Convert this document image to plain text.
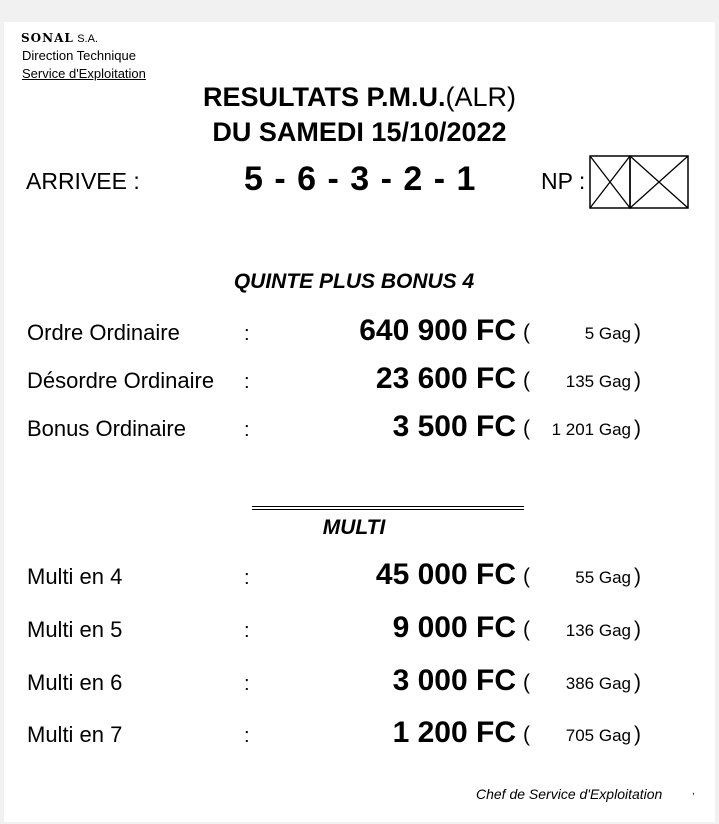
SONAL S.A.
Direction Technique
Service d'Exploitation
RESULTATS P.M.U.(ALR)
DU SAMEDI 15/10/2022
ARRIVEE :	5 - 6 - 3 - 2 - 1	NP :
QUINTE PLUS BONUS 4
Ordre Ordinaire	:	640 900 FC (	5 Gag )
Désordre Ordinaire :	23 600 FC (	135 Gag )
Bonus Ordinaire	:	3 500 FC (	1 201 Gag )
MULTI
Multi en 4	:	45 000 FC (	55 Gag )
Multi en 5	:	9 000 FC (	136 Gag )
Multi en 6	:	3 000 FC (	386 Gag )
Multi en 7	:	1 200 FC (	705 Gag )
Chef de Service d'Exploitation	,
